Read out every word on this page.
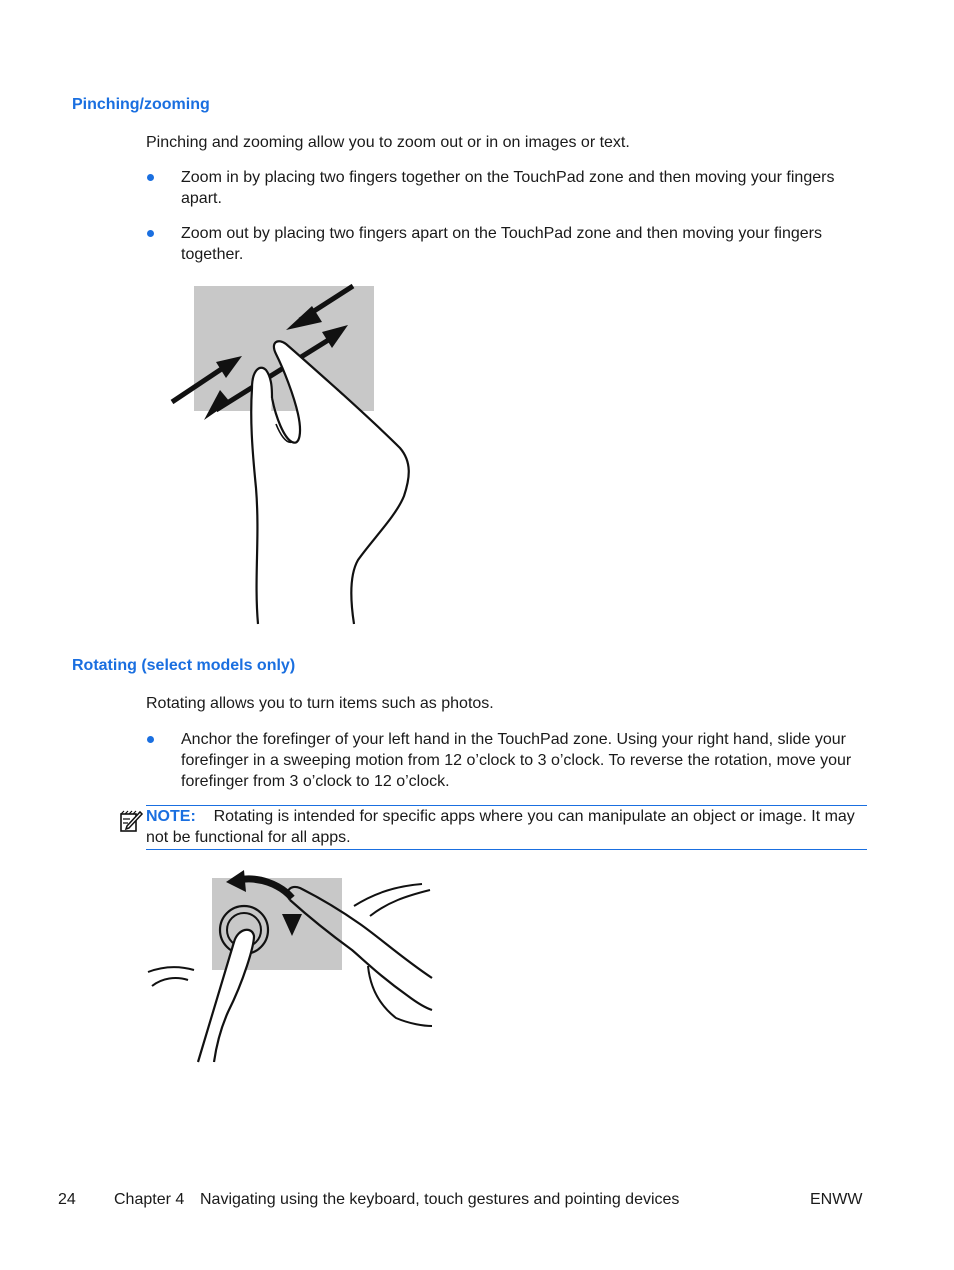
Pinching/zooming
Pinching and zooming allow you to zoom out or in on images or text.
Zoom in by placing two fingers together on the TouchPad zone and then moving your fingers apart.
Zoom out by placing two fingers apart on the TouchPad zone and then moving your fingers together.
Rotating (select models only)
Rotating allows you to turn items such as photos.
Anchor the forefinger of your left hand in the TouchPad zone. Using your right hand, slide your forefinger in a sweeping motion from 12 o’clock to 3 o’clock. To reverse the rotation, move your forefinger from 3 o’clock to 12 o’clock.
NOTE: Rotating is intended for specific apps where you can manipulate an object or image. It may not be functional for all apps.
24 Chapter 4 Navigating using the keyboard, touch gestures and pointing devices	ENWW
